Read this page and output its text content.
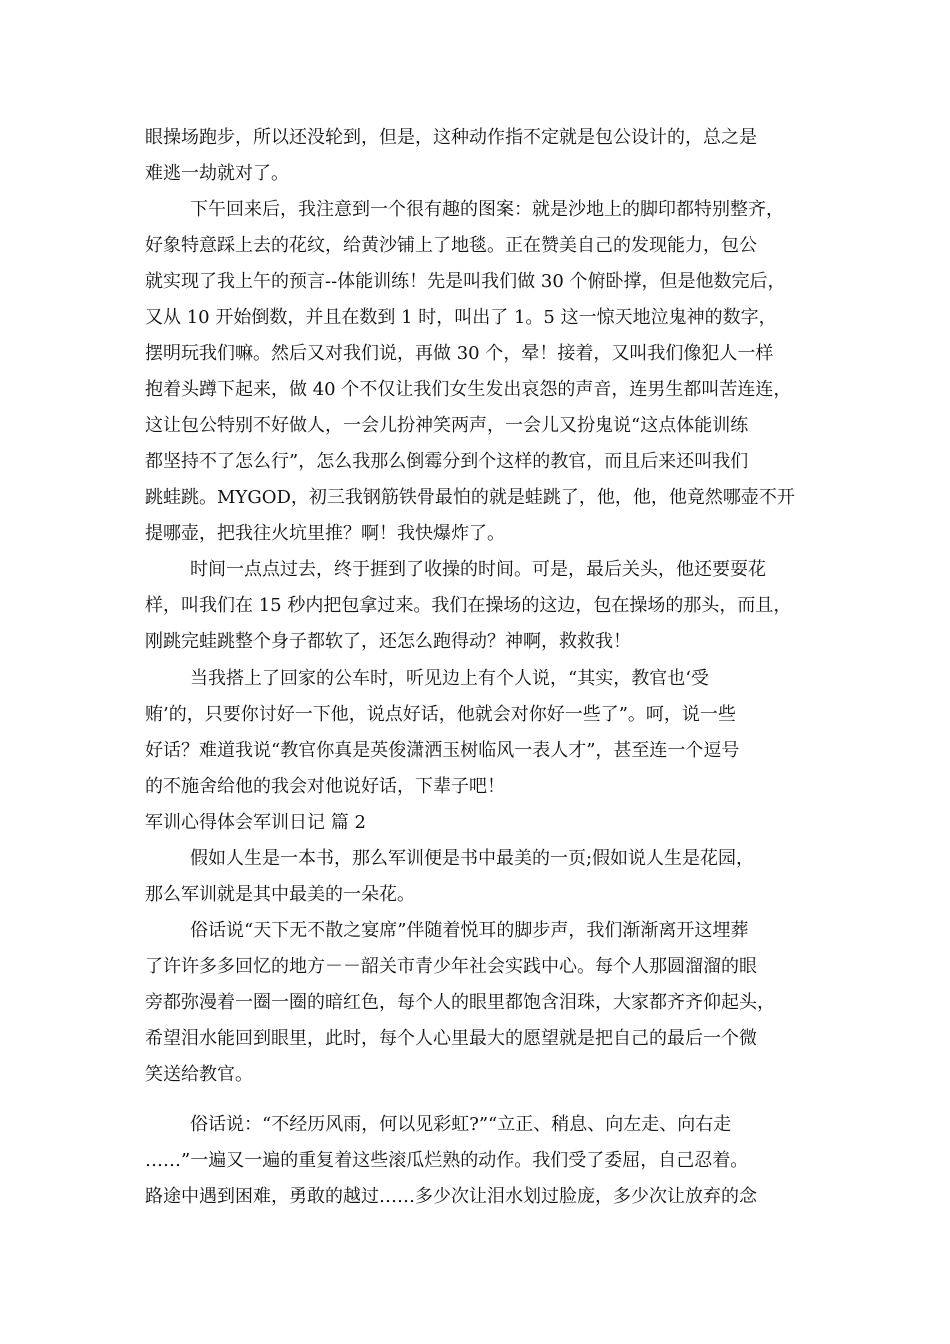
眼操场跑步，所以还没轮到，但是，这种动作指不定就是包公设计的，总之是

难逃一劫就对了。

下午回来后，我注意到一个很有趣的图案：就是沙地上的脚印都特别整齐，

好象特意踩上去的花纹，给黄沙铺上了地毯。正在赞美自己的发现能力，包公

就实现了我上午的预言--体能训练！先是叫我们做 30 个俯卧撑，但是他数完后，

又从 10 开始倒数，并且在数到 1 时，叫出了 1。5 这一惊天地泣鬼神的数字，

摆明玩我们嘛。然后又对我们说，再做 30 个，晕！接着，又叫我们像犯人一样

抱着头蹲下起来，做 40 个不仅让我们女生发出哀怨的声音，连男生都叫苦连连，

这让包公特别不好做人，一会儿扮神笑两声，一会儿又扮鬼说“这点体能训练

都坚持不了怎么行”，怎么我那么倒霉分到个这样的教官，而且后来还叫我们

跳蛙跳。MYGOD，初三我钢筋铁骨最怕的就是蛙跳了，他，他，他竟然哪壶不开

提哪壶，把我往火坑里推？啊！我快爆炸了。

时间一点点过去，终于捱到了收操的时间。可是，最后关头，他还要耍花

样，叫我们在 15 秒内把包拿过来。我们在操场的这边，包在操场的那头，而且，

刚跳完蛙跳整个身子都软了，还怎么跑得动？神啊，救救我！

当我搭上了回家的公车时，听见边上有个人说，“其实，教官也‘受

贿’的，只要你讨好一下他，说点好话，他就会对你好一些了”。呵，说一些

好话？难道我说“教官你真是英俊潇洒玉树临风一表人才”，甚至连一个逗号

的不施舍给他的我会对他说好话，下辈子吧！

军训心得体会军训日记 篇 2

假如人生是一本书，那么军训便是书中最美的一页;假如说人生是花园，

那么军训就是其中最美的一朵花。

俗话说“天下无不散之宴席”伴随着悦耳的脚步声，我们渐渐离开这埋葬

了许许多多回忆的地方－－韶关市青少年社会实践中心。每个人那圆溜溜的眼

旁都弥漫着一圈一圈的暗红色，每个人的眼里都饱含泪珠，大家都齐齐仰起头，

希望泪水能回到眼里，此时，每个人心里最大的愿望就是把自己的最后一个微

笑送给教官。

俗话说：“不经历风雨，何以见彩虹?”“立正、稍息、向左走、向右走

……”一遍又一遍的重复着这些滚瓜烂熟的动作。我们受了委屈，自己忍着。

路途中遇到困难，勇敢的越过……多少次让泪水划过脸庞，多少次让放弃的念
